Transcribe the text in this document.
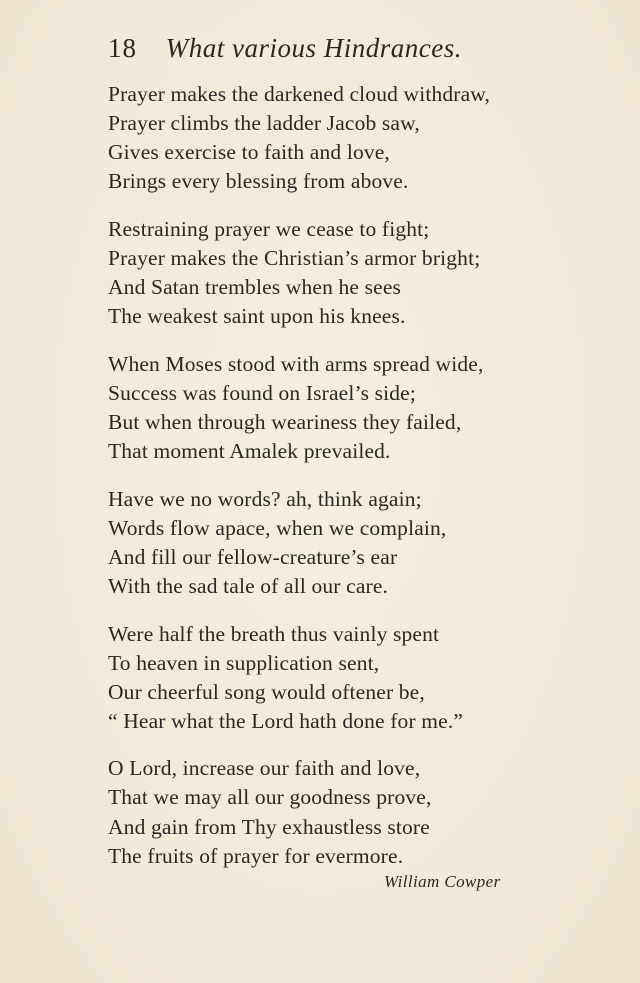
18 What various Hindrances.
Prayer makes the darkened cloud withdraw,
Prayer climbs the ladder Jacob saw,
Gives exercise to faith and love,
Brings every blessing from above.
Restraining prayer we cease to fight;
Prayer makes the Christian’s armor bright;
And Satan trembles when he sees
The weakest saint upon his knees.
When Moses stood with arms spread wide,
Success was found on Israel’s side;
But when through weariness they failed,
That moment Amalek prevailed.
Have we no words? ah, think again;
Words flow apace, when we complain,
And fill our fellow-creature’s ear
With the sad tale of all our care.
Were half the breath thus vainly spent
To heaven in supplication sent,
Our cheerful song would oftener be,
“ Hear what the Lord hath done for me.”
O Lord, increase our faith and love,
That we may all our goodness prove,
And gain from Thy exhaustless store
The fruits of prayer for evermore.
William Cowper
